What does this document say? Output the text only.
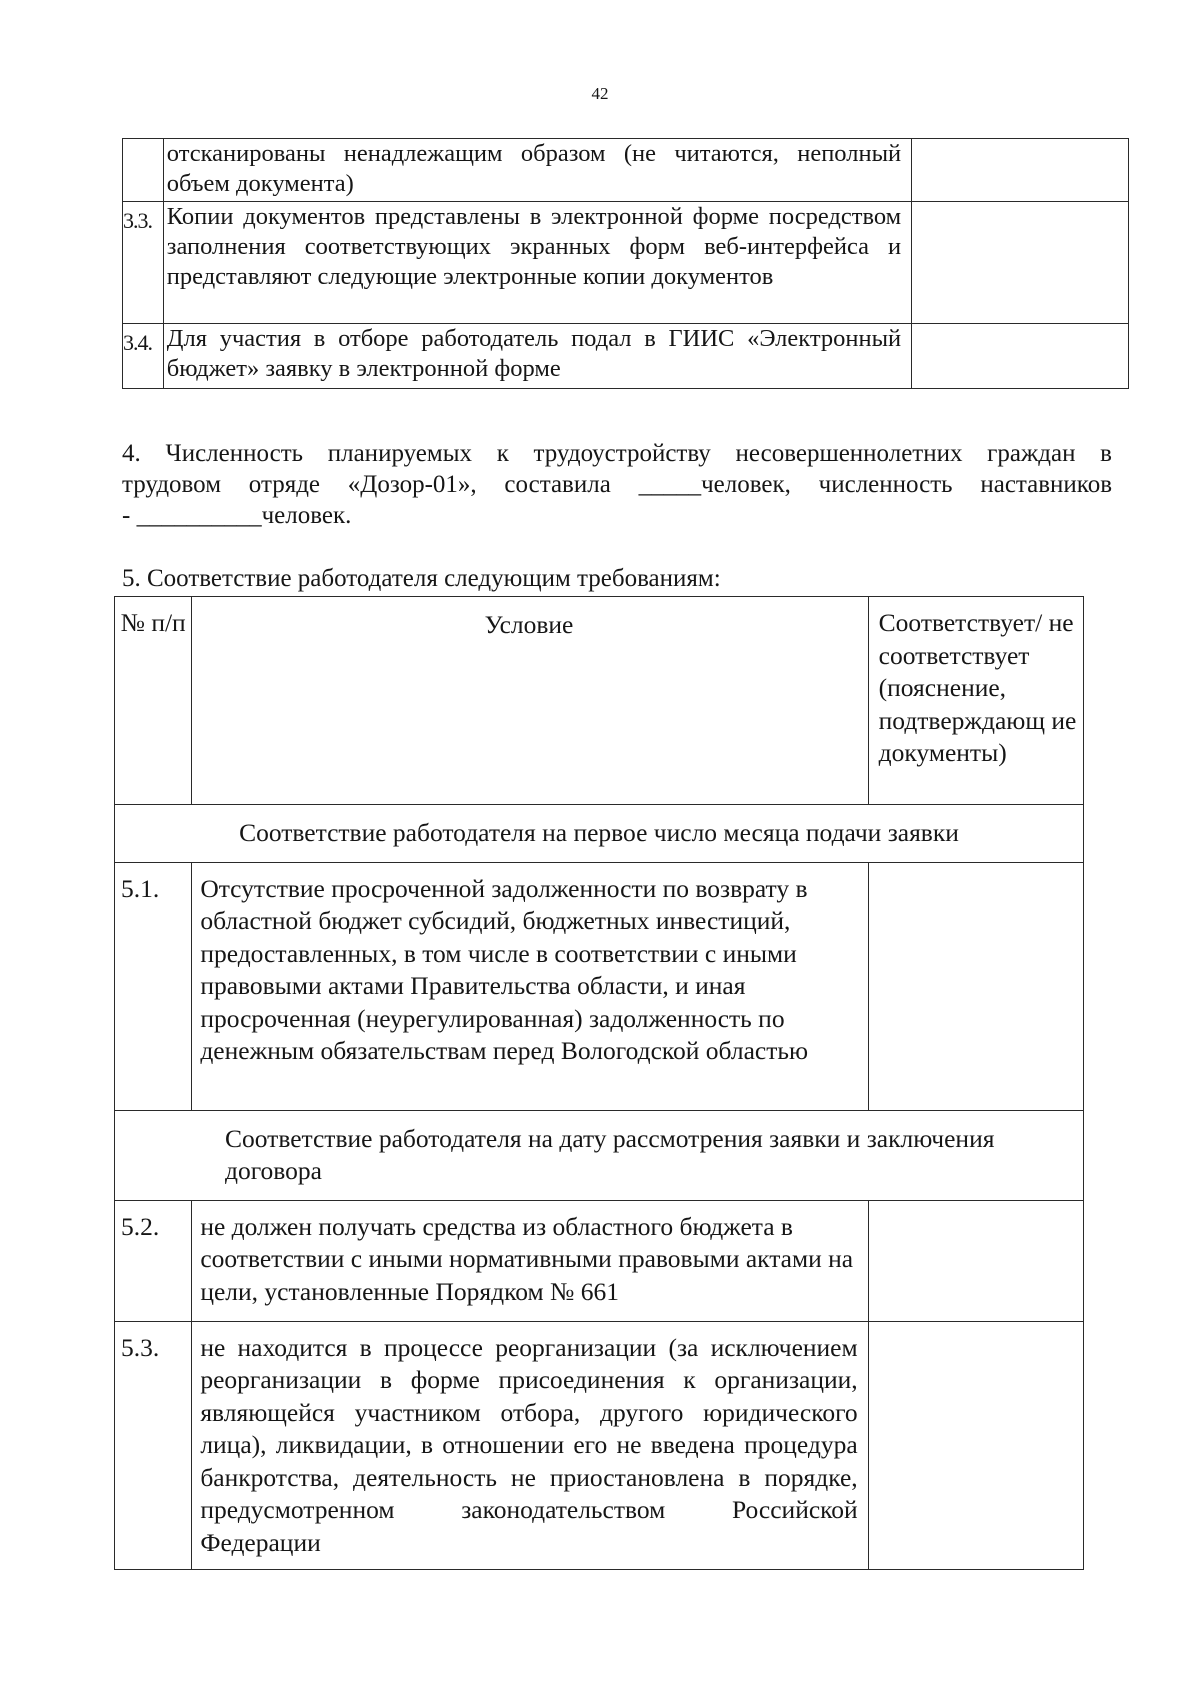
42
	отсканированы ненадлежащим образом (не читаются, неполный объем документа)	
3.3.	Копии документов представлены в электронной форме посредством заполнения соответствующих экранных форм веб-интерфейса и представляют следующие электронные копии документов	
3.4.	Для участия в отборе работодатель подал в ГИИС «Электронный бюджет» заявку в электронной форме	
4. Численность планируемых к трудоустройству несовершеннолетних граждан в
трудовом отряде «Дозор-01», составила _____человек, численность наставников
- __________человек.
5. Соответствие работодателя следующим требованиям:
№ п/п	Условие	Соответствует/ не соответствует (пояснение, подтверждающ ие документы)
Соответствие работодателя на первое число месяца подачи заявки		
5.1.	Отсутствие просроченной задолженности по возврату в областной бюджет субсидий, бюджетных инвестиций, предоставленных, в том числе в соответствии с иными правовыми актами Правительства области, и иная просроченная (неурегулированная) задолженность по денежным обязательствам перед Вологодской областью	
Соответствие работодателя на дату рассмотрения заявки и заключения договора		
5.2.	не должен получать средства из областного бюджета в соответствии с иными нормативными правовыми актами на цели, установленные Порядком № 661	
5.3.	не находится в процессе реорганизации (за исключением реорганизации в форме присоединения к организации, являющейся участником отбора, другого юридического лица), ликвидации, в отношении его не введена процедура банкротства, деятельность не приостановлена в порядке, предусмотренном законодательством Российской Федерации	
